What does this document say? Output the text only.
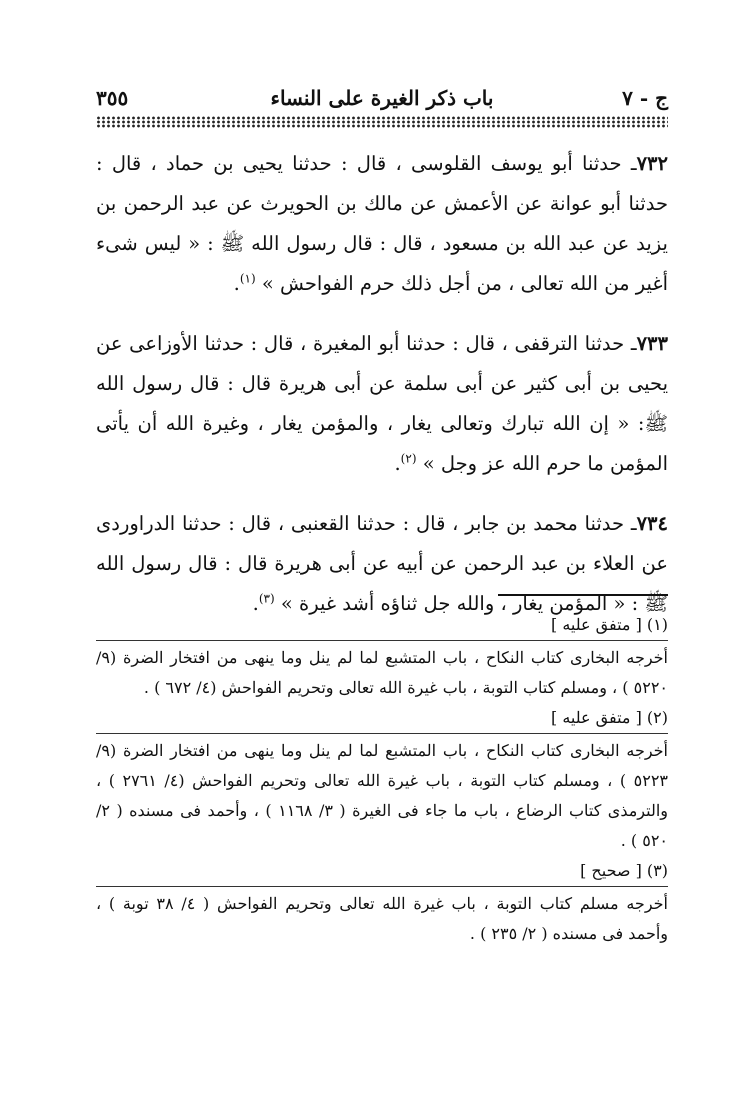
ج - ٧
باب ذكر الغيرة على النساء
٣٥٥

٧٣٢ـ حدثنا أبو يوسف القلوسى ، قال : حدثنا يحيى بن حماد ، قال : حدثنا أبو عوانة عن الأعمش عن مالك بن الحويرث عن عبد الرحمن بن يزيد عن عبد الله بن مسعود ، قال : قال رسول الله ﷺ : « ليس شىء أغير من الله تعالى ، من أجل ذلك حرم الفواحش » $^{(١)}$.

٧٣٣ـ حدثنا الترقفى ، قال : حدثنا أبو المغيرة ، قال : حدثنا الأوزاعى عن يحيى بن أبى كثير عن أبى سلمة عن أبى هريرة قال : قال رسول الله ﷺ: « إن الله تبارك وتعالى يغار ، والمؤمن يغار ، وغيرة الله أن يأتى المؤمن ما حرم الله عز وجل » $^{(٢)}$.

٧٣٤ـ حدثنا محمد بن جابر ، قال : حدثنا القعنبى ، قال : حدثنا الدراوردى عن العلاء بن عبد الرحمن عن أبيه عن أبى هريرة قال : قال رسول الله ﷺ : « المؤمن يغار ، والله جل ثناؤه أشد غيرة » $^{(٣)}$.

(١) [ متفق عليه ]

أخرجه البخارى كتاب النكاح ، باب المتشبع لما لم ينل وما ينهى من افتخار الضرة (٩/ ٥٢٢٠ ) ، ومسلم كتاب التوبة ، باب غيرة الله تعالى وتحريم الفواحش (٤/ ٦٧٢ ) .

(٢) [ متفق عليه ]

أخرجه البخارى كتاب النكاح ، باب المتشبع لما لم ينل وما ينهى من افتخار الضرة (٩/ ٥٢٢٣ ) ، ومسلم كتاب التوبة ، باب غيرة الله تعالى وتحريم الفواحش (٤/ ٢٧٦١ ) ، والترمذى كتاب الرضاع ، باب ما جاء فى الغيرة ( ٣/ ١١٦٨ ) ، وأحمد فى مسنده ( ٢/ ٥٢٠ ) .

(٣) [ صحيح ]

أخرجه مسلم كتاب التوبة ، باب غيرة الله تعالى وتحريم الفواحش ( ٤/ ٣٨ توبة ) ، وأحمد فى مسنده ( ٢/ ٢٣٥ ) .
